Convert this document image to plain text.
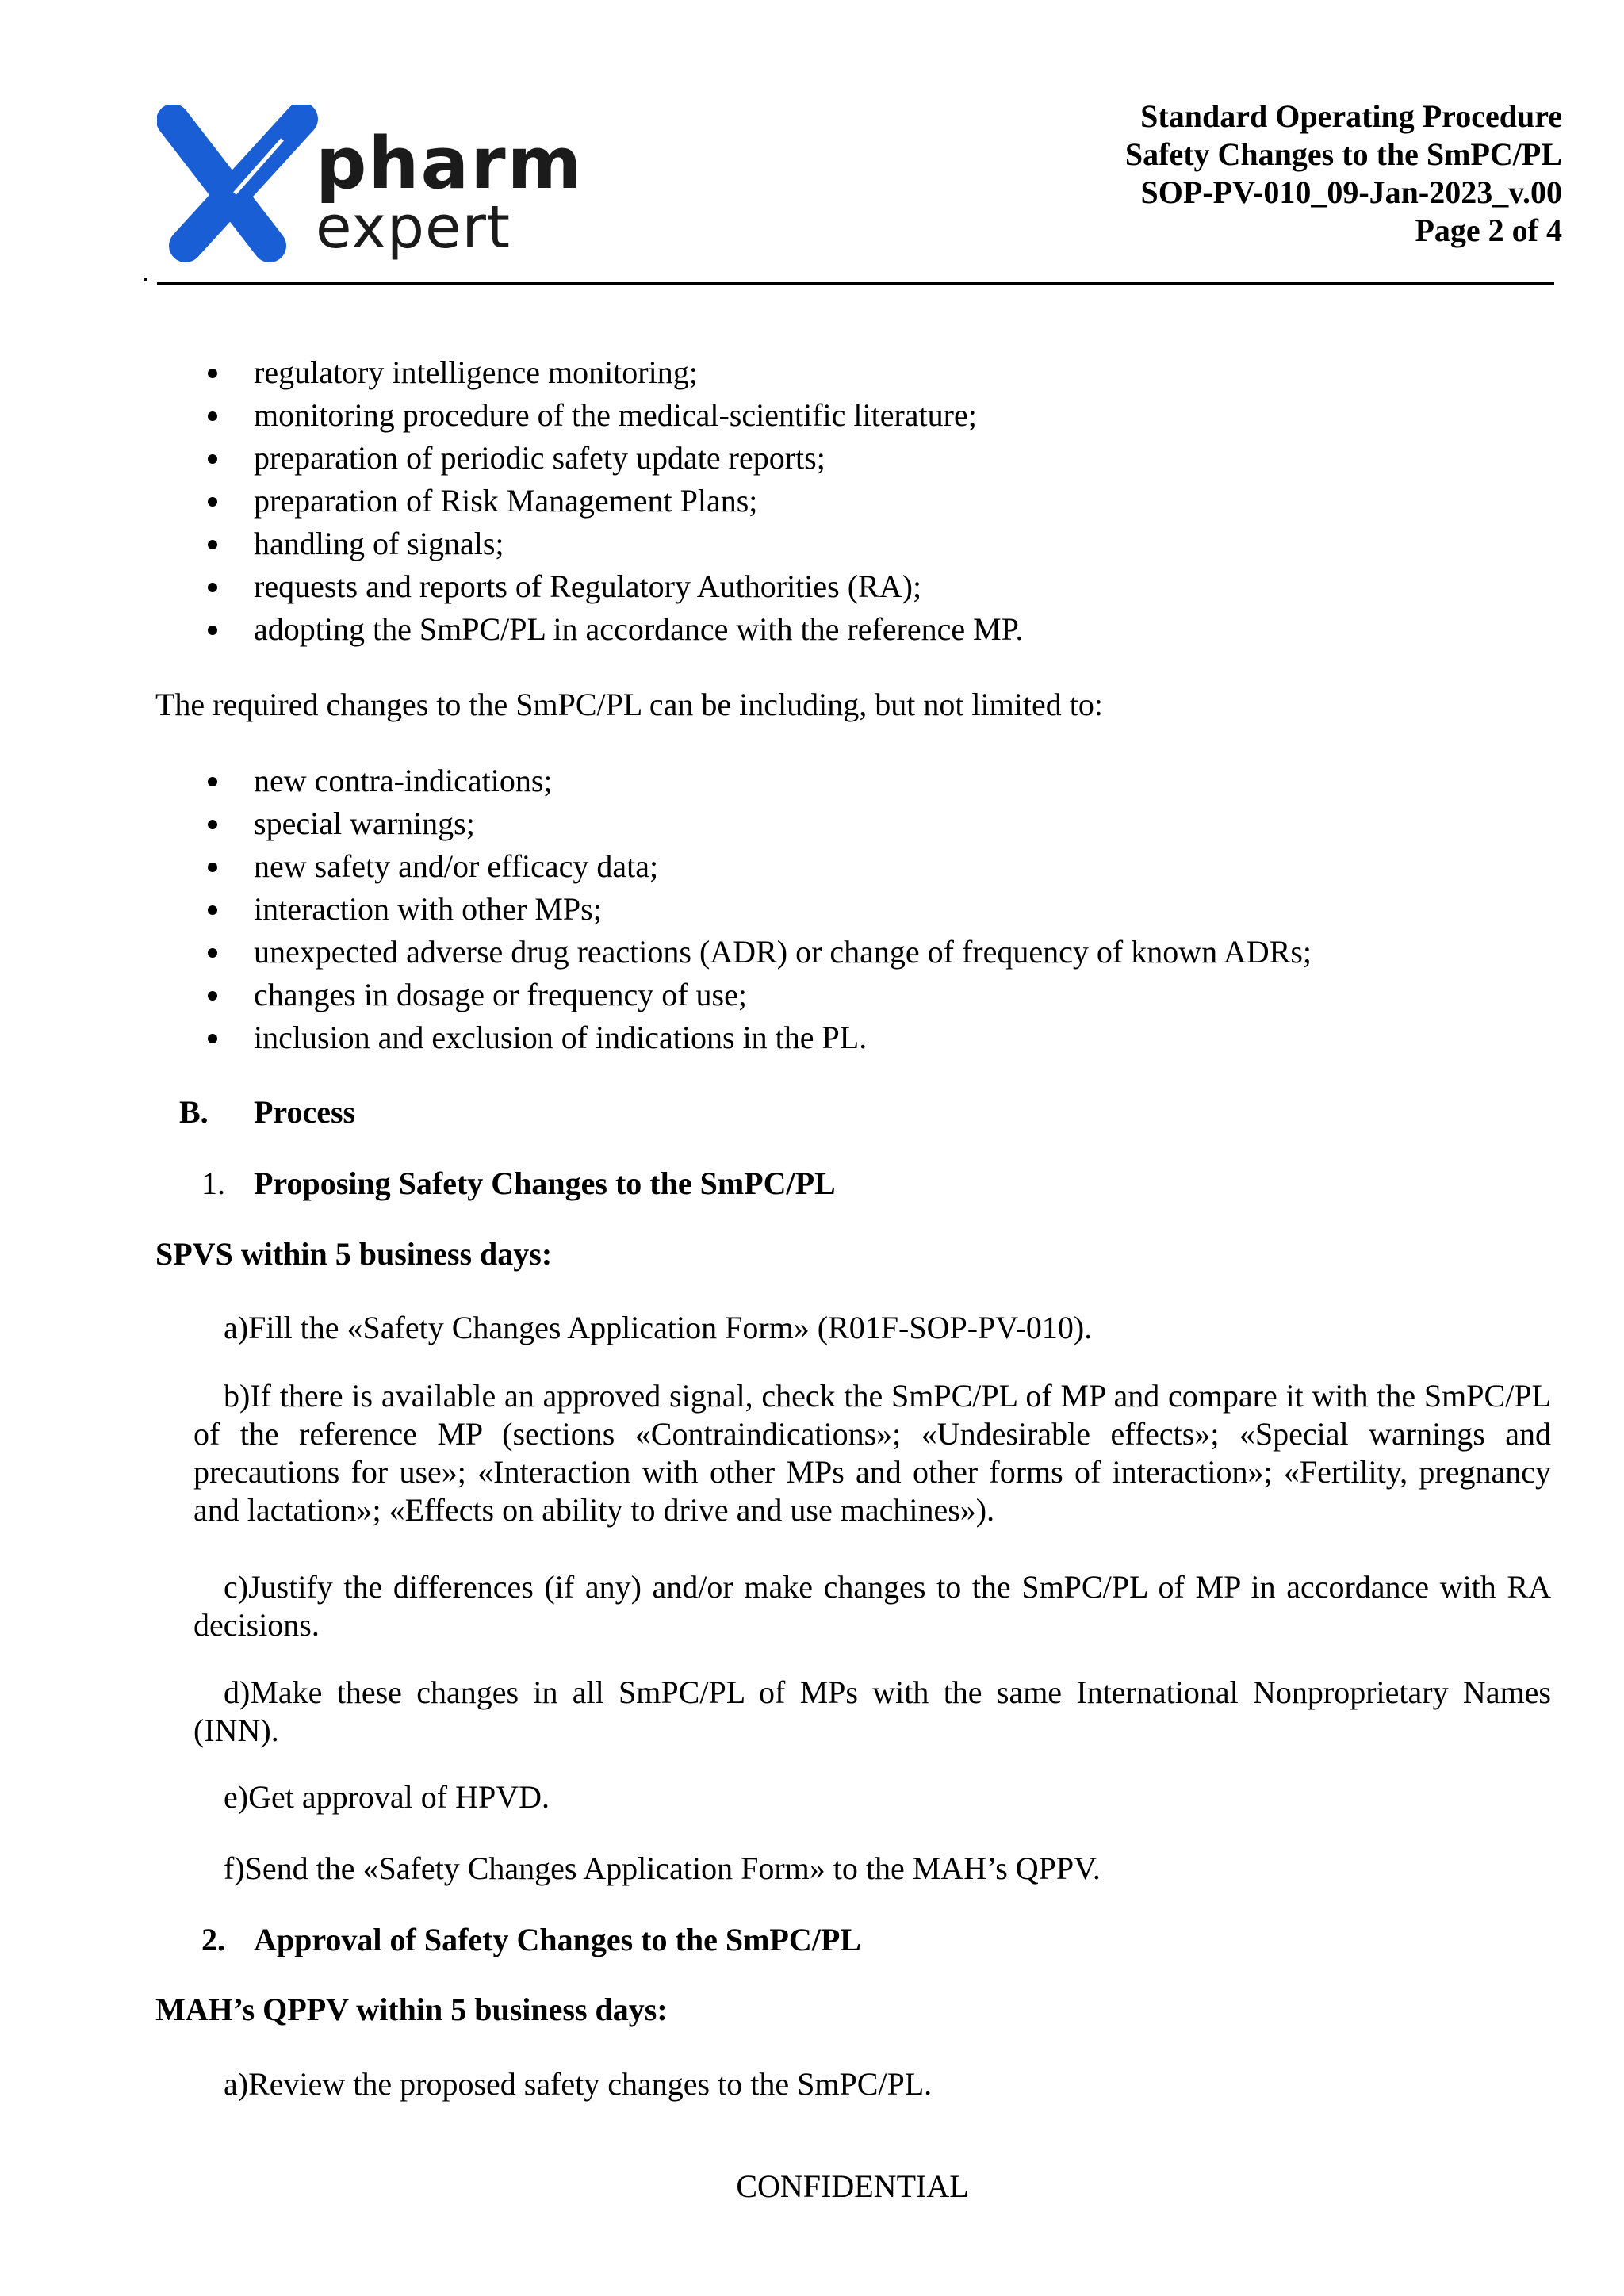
pharm
expert
Standard Operating Procedure
Safety Changes to the SmPC/PL
SOP-PV-010_09-Jan-2023_v.00
Page 2 of 4
regulatory intelligence monitoring;
monitoring procedure of the medical-scientific literature;
preparation of periodic safety update reports;
preparation of Risk Management Plans;
handling of signals;
requests and reports of Regulatory Authorities (RA);
adopting the SmPC/PL in accordance with the reference MP.
The required changes to the SmPC/PL can be including, but not limited to:
new contra-indications;
special warnings;
new safety and/or efficacy data;
interaction with other MPs;
unexpected adverse drug reactions (ADR) or change of frequency of known ADRs;
changes in dosage or frequency of use;
inclusion and exclusion of indications in the PL.
B. Process
1. Proposing Safety Changes to the SmPC/PL
SPVS within 5 business days:
a)Fill the «Safety Changes Application Form» (R01F-SOP-PV-010).
b)If there is available an approved signal, check the SmPC/PL of MP and compare it with the SmPC/PL of the reference MP (sections «Contraindications»; «Undesirable effects»; «Special warnings and precautions for use»; «Interaction with other MPs and other forms of interaction»; «Fertility, pregnancy and lactation»; «Effects on ability to drive and use machines»).
c)Justify the differences (if any) and/or make changes to the SmPC/PL of MP in accordance with RA decisions.
d)Make these changes in all SmPC/PL of MPs with the same International Nonproprietary Names (INN).
e)Get approval of HPVD.
f)Send the «Safety Changes Application Form» to the MAH’s QPPV.
2. Approval of Safety Changes to the SmPC/PL
MAH’s QPPV within 5 business days:
a)Review the proposed safety changes to the SmPC/PL.
CONFIDENTIAL
